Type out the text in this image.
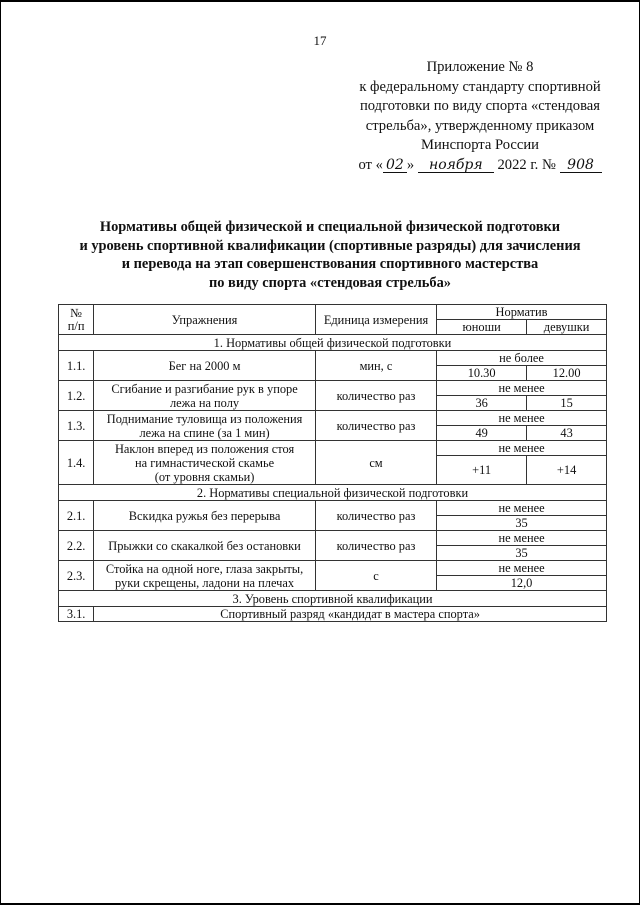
17
Приложение № 8
к федеральному стандарту спортивной
подготовки по виду спорта «стендовая
стрельба», утвержденному приказом
Минспорта России
от « 02 » ноября 2022 г. № 908
Нормативы общей физической и специальной физической подготовки
и уровень спортивной квалификации (спортивные разряды) для зачисления
и перевода на этап совершенствования спортивного мастерства
по виду спорта «стендовая стрельба»
№ п/п	Упражнения	Единица измерения	Норматив	
			юноши	девушки
1. Нормативы общей физической подготовки				
1.1.	Бег на 2000 м	мин, с	не более	
			10.30	12.00
1.2.	Сгибание и разгибание рук в упоре
лежа на полу	количество раз	не менее	
			36	15
1.3.	Поднимание туловища из положения
лежа на спине (за 1 мин)	количество раз	не менее	
			49	43
1.4.	Наклон вперед из положения стоя
на гимнастической скамье
(от уровня скамьи)	см	не менее	
			+11	+14
2. Нормативы специальной физической подготовки				
2.1.	Вскидка ружья без перерыва	количество раз	не менее	
			35	
2.2.	Прыжки со скакалкой без остановки	количество раз	не менее	
			35	
2.3.	Стойка на одной ноге, глаза закрыты,
руки скрещены, ладони на плечах	с	не менее	
			12,0	
3. Уровень спортивной квалификации				
3.1.	Спортивный разряд «кандидат в мастера спорта»			
